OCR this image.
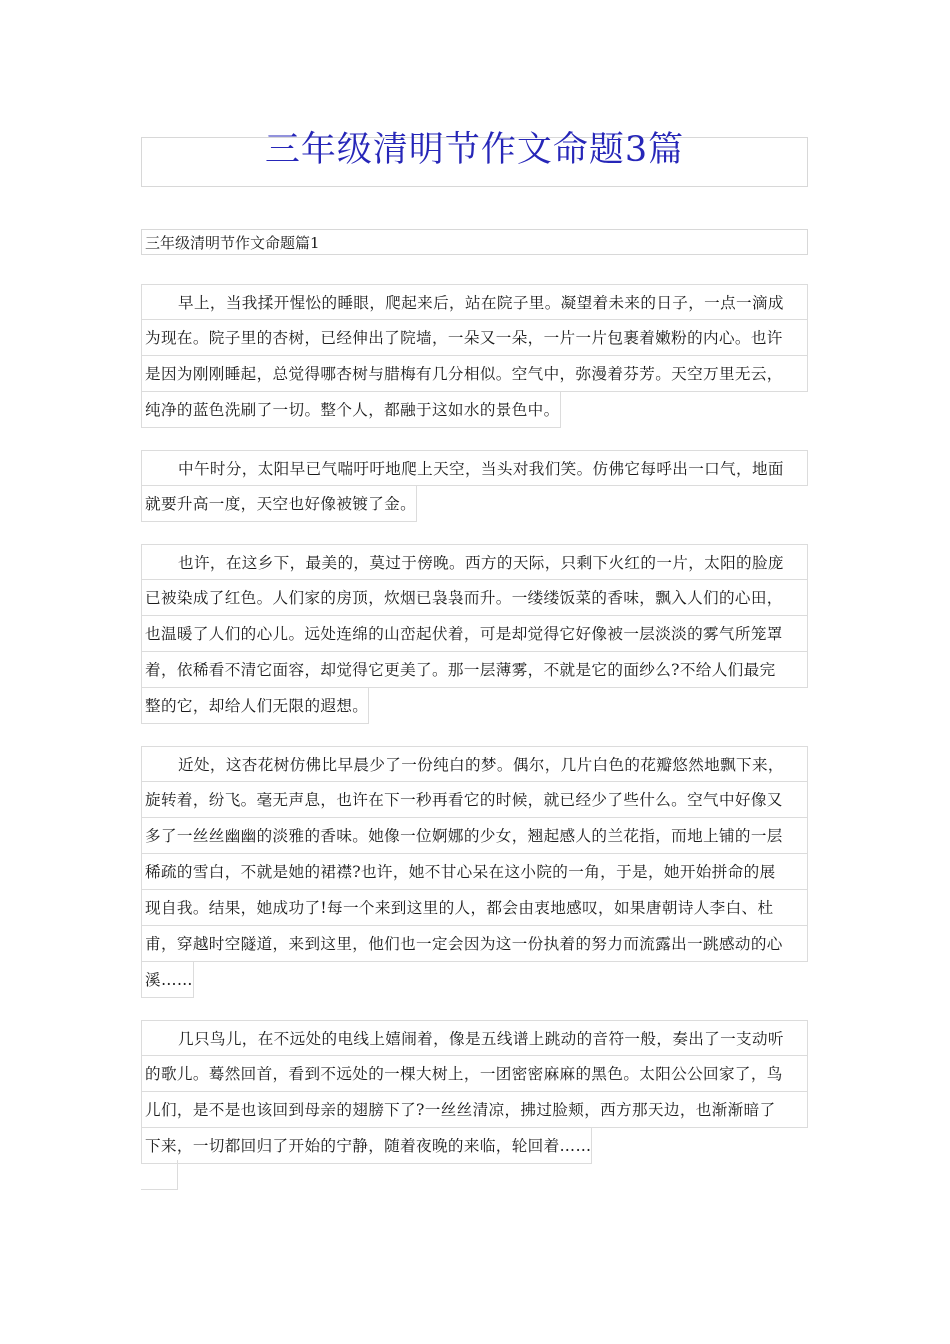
三年级清明节作文命题3篇
三年级清明节作文命题篇1
早上，当我揉开惺忪的睡眼，爬起来后，站在院子里。凝望着未来的日子，一点一滴成
为现在。院子里的杏树，已经伸出了院墙，一朵又一朵，一片一片包裹着嫩粉的内心。也许
是因为刚刚睡起，总觉得哪杏树与腊梅有几分相似。空气中，弥漫着芬芳。天空万里无云，
纯净的蓝色洗刷了一切。整个人，都融于这如水的景色中。
中午时分，太阳早已气喘吁吁地爬上天空，当头对我们笑。仿佛它每呼出一口气，地面
就要升高一度，天空也好像被镀了金。
也许，在这乡下，最美的，莫过于傍晚。西方的天际，只剩下火红的一片，太阳的脸庞
已被染成了红色。人们家的房顶，炊烟已袅袅而升。一缕缕饭菜的香味，飘入人们的心田，
也温暖了人们的心儿。远处连绵的山峦起伏着，可是却觉得它好像被一层淡淡的雾气所笼罩
着，依稀看不清它面容，却觉得它更美了。那一层薄雾，不就是它的面纱么?不给人们最完
整的它，却给人们无限的遐想。
近处，这杏花树仿佛比早晨少了一份纯白的梦。偶尔，几片白色的花瓣悠然地飘下来，
旋转着，纷飞。毫无声息，也许在下一秒再看它的时候，就已经少了些什么。空气中好像又
多了一丝丝幽幽的淡雅的香味。她像一位婀娜的少女，翘起感人的兰花指，而地上铺的一层
稀疏的雪白，不就是她的裙襟?也许，她不甘心呆在这小院的一角，于是，她开始拼命的展
现自我。结果，她成功了!每一个来到这里的人，都会由衷地感叹，如果唐朝诗人李白、杜
甫，穿越时空隧道，来到这里，他们也一定会因为这一份执着的努力而流露出一跳感动的心
溪……
几只鸟儿，在不远处的电线上嬉闹着，像是五线谱上跳动的音符一般，奏出了一支动听
的歌儿。蓦然回首，看到不远处的一棵大树上，一团密密麻麻的黑色。太阳公公回家了，鸟
儿们，是不是也该回到母亲的翅膀下了?一丝丝清凉，拂过脸颊，西方那天边，也渐渐暗了
下来，一切都回归了开始的宁静，随着夜晚的来临，轮回着……
